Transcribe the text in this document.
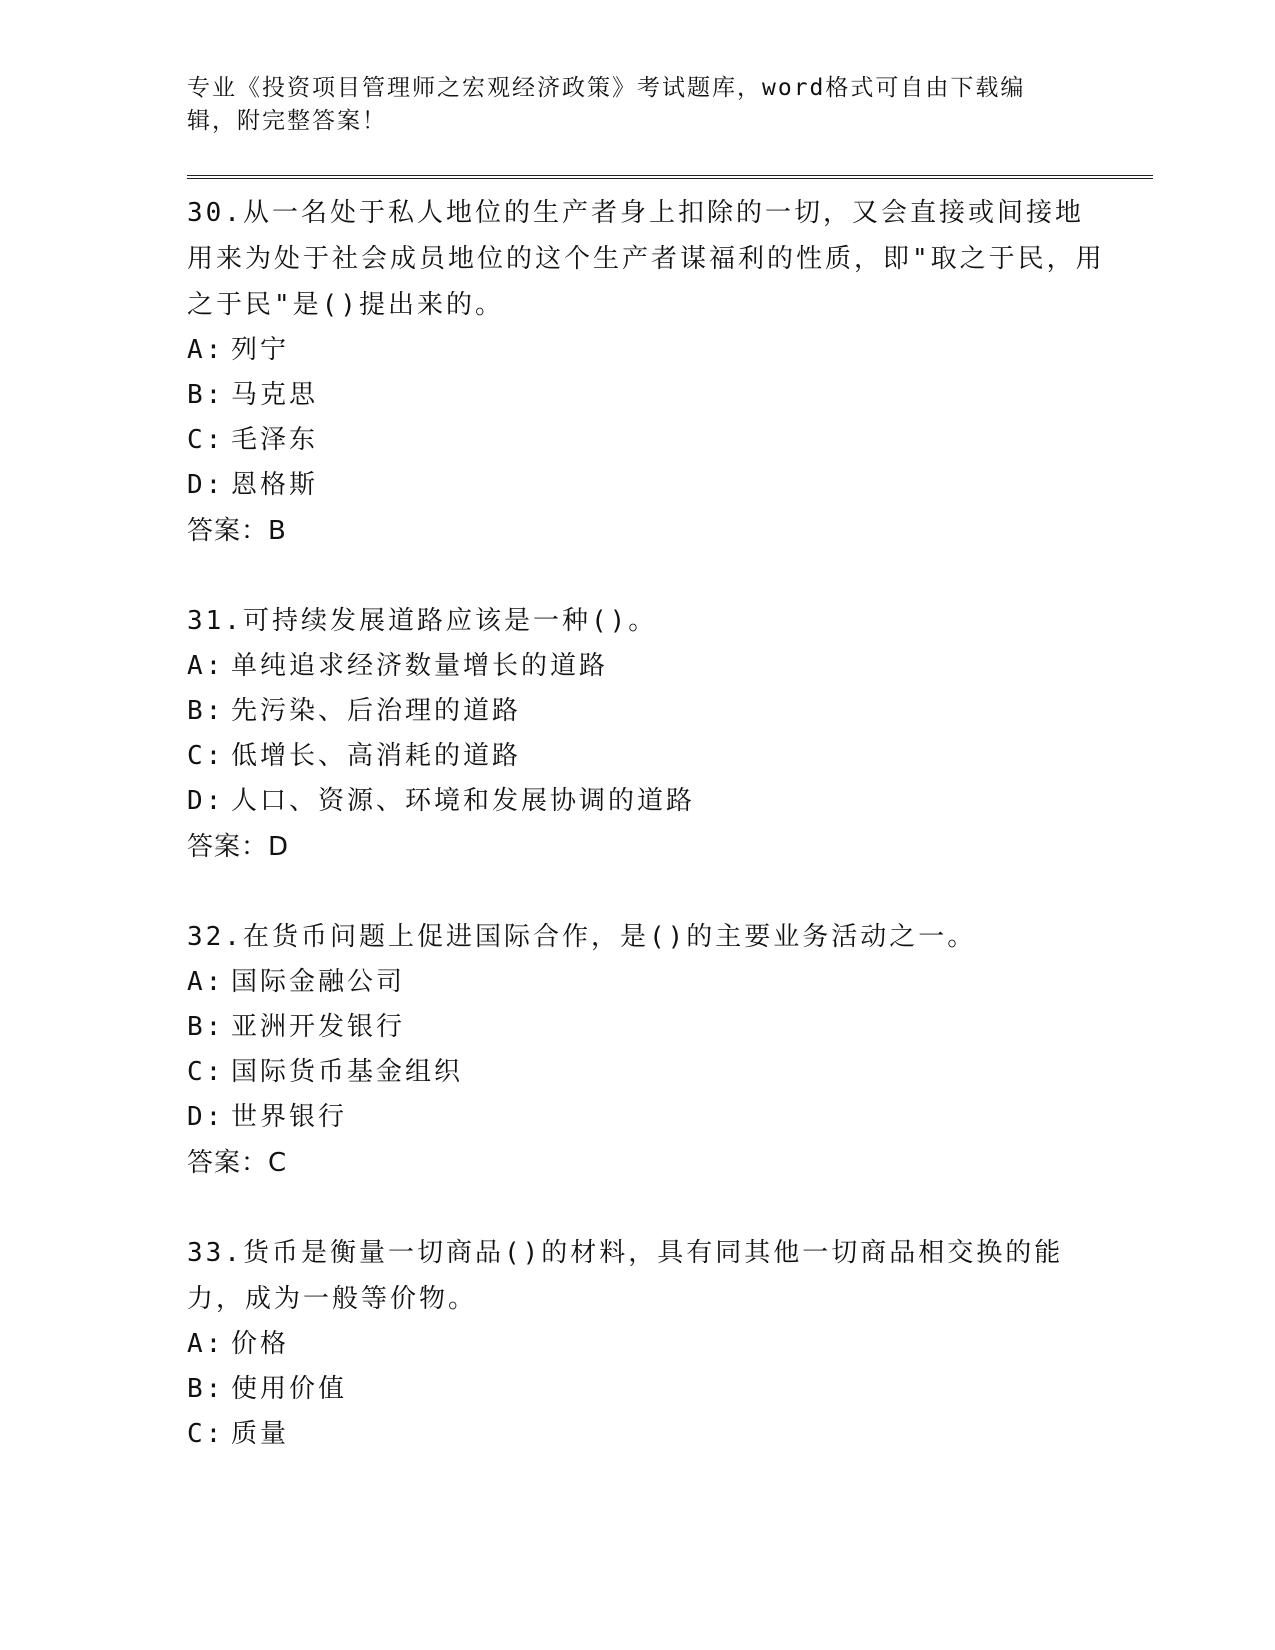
专业《投资项目管理师之宏观经济政策》考试题库，word格式可自由下载编辑，附完整答案！

30.从一名处于私人地位的生产者身上扣除的一切，又会直接或间接地用来为处于社会成员地位的这个生产者谋福利的性质，即"取之于民，用之于民"是()提出来的。

A: 列宁
B: 马克思
C: 毛泽东
D: 恩格斯
答案：B

31.可持续发展道路应该是一种()。

A: 单纯追求经济数量增长的道路
B: 先污染、后治理的道路
C: 低增长、高消耗的道路
D: 人口、资源、环境和发展协调的道路
答案：D

32.在货币问题上促进国际合作，是()的主要业务活动之一。

A: 国际金融公司
B: 亚洲开发银行
C: 国际货币基金组织
D: 世界银行
答案：C

33.货币是衡量一切商品()的材料，具有同其他一切商品相交换的能力，成为一般等价物。

A: 价格
B: 使用价值
C: 质量
